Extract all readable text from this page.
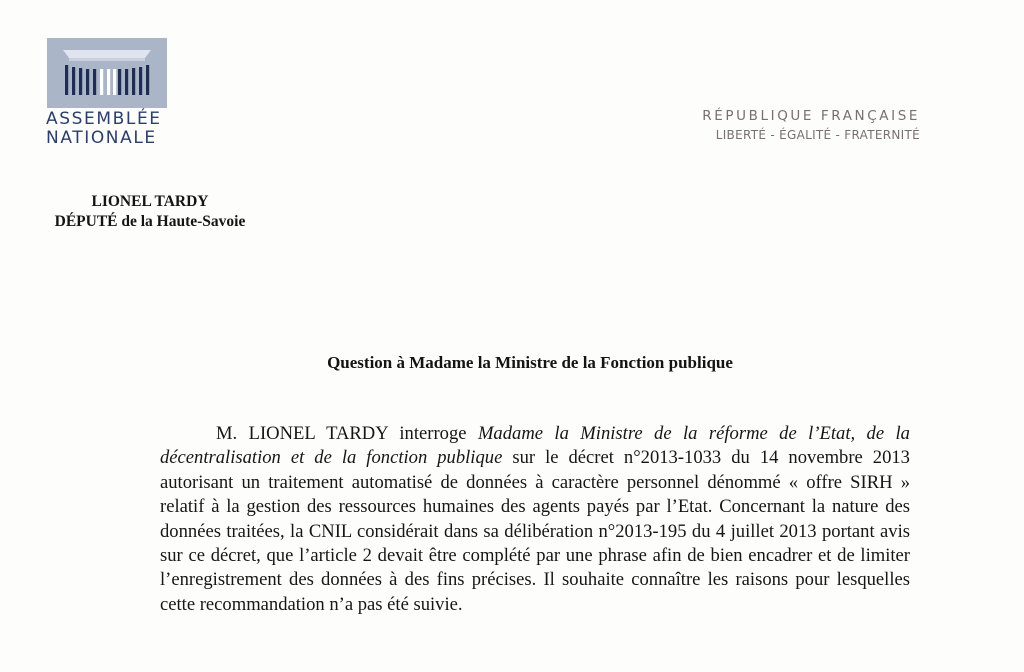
ASSEMBLÉE
NATIONALE
RÉPUBLIQUE FRANÇAISE
LIBERTÉ - ÉGALITÉ - FRATERNITÉ
LIONEL TARDY
DÉPUTÉ de la Haute-Savoie
Question à Madame la Ministre de la Fonction publique

M. LIONEL TARDY interroge Madame la Ministre de la réforme de l’Etat, de la décentralisation et de la fonction publique sur le décret n°2013-1033 du 14 novembre 2013 autorisant un traitement automatisé de données à caractère personnel dénommé « offre SIRH » relatif à la gestion des ressources humaines des agents payés par l’Etat. Concernant la nature des données traitées, la CNIL considérait dans sa délibération n°2013-195 du 4 juillet 2013 portant avis sur ce décret, que l’article 2 devait être complété par une phrase afin de bien encadrer et de limiter l’enregistrement des données à des fins précises. Il souhaite connaître les raisons pour lesquelles cette recommandation n’a pas été suivie.
